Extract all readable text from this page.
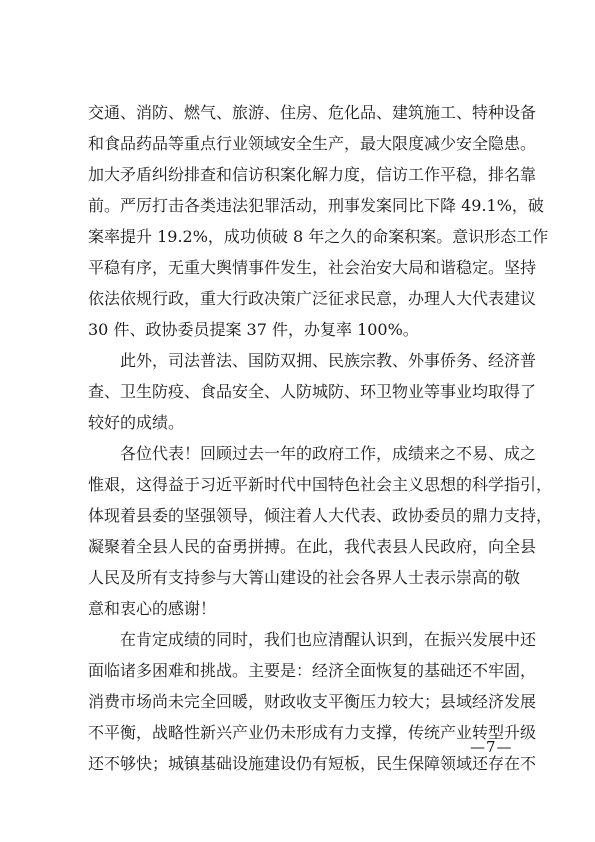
交通、消防、燃气、旅游、住房、危化品、建筑施工、特种设备
和食品药品等重点行业领域安全生产，最大限度减少安全隐患。
加大矛盾纠纷排查和信访积案化解力度，信访工作平稳，排名靠
前。严厉打击各类违法犯罪活动，刑事发案同比下降 49.1%，破
案率提升 19.2%，成功侦破 8 年之久的命案积案。意识形态工作
平稳有序，无重大舆情事件发生，社会治安大局和谐稳定。坚持
依法依规行政，重大行政决策广泛征求民意，办理人大代表建议
30 件、政协委员提案 37 件，办复率 100%。
此外，司法普法、国防双拥、民族宗教、外事侨务、经济普
查、卫生防疫、食品安全、人防城防、环卫物业等事业均取得了
较好的成绩。
各位代表！回顾过去一年的政府工作，成绩来之不易、成之
惟艰，这得益于习近平新时代中国特色社会主义思想的科学指引，
体现着县委的坚强领导，倾注着人大代表、政协委员的鼎力支持，
凝聚着全县人民的奋勇拼搏。在此，我代表县人民政府，向全县
人民及所有支持参与大箐山建设的社会各界人士表示崇高的敬
意和衷心的感谢！
在肯定成绩的同时，我们也应清醒认识到，在振兴发展中还
面临诸多困难和挑战。主要是：经济全面恢复的基础还不牢固，
消费市场尚未完全回暖，财政收支平衡压力较大；县域经济发展
不平衡，战略性新兴产业仍未形成有力支撑，传统产业转型升级
还不够快；城镇基础设施建设仍有短板，民生保障领域还存在不
—7—
